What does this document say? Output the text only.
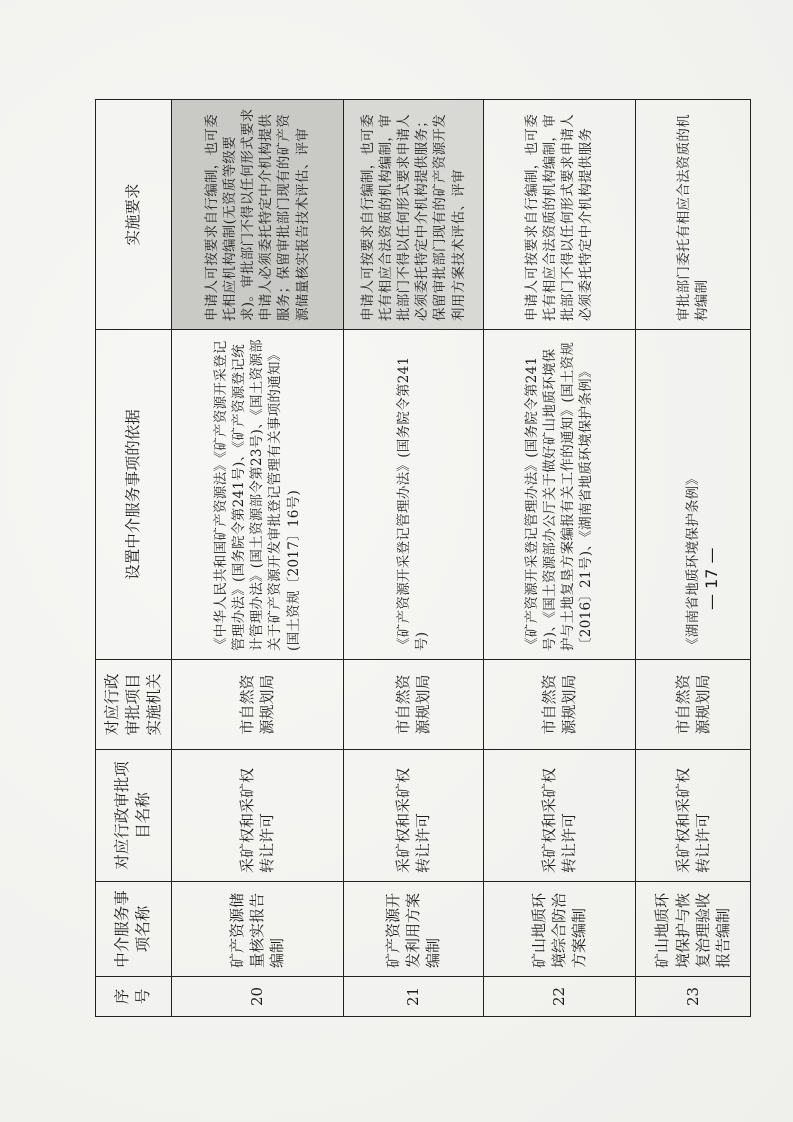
序号	中介服务事项名称	对应行政审批项目名称	对应行政审批项目实施机关	设置中介服务事项的依据	实施要求
20	矿产资源储量核实报告编制	采矿权和采矿权转让许可	市自然资源规划局	《中华人民共和国矿产资源法》《矿产资源开采登记管理办法》(国务院令第241号)、《矿产资源登记统计管理办法》(国土资源部令第23号)、《国土资源部关于矿产资源开发审批登记管理有关事项的通知》(国土资规〔2017〕16号)	申请人可按要求自行编制，也可委托相应机构编制(无资质等级要求)。审批部门不得以任何形式要求申请人必须委托特定中介机构提供服务；保留审批部门现有的矿产资源储量核实报告技术评估、评审
21	矿产资源开发利用方案编制	采矿权和采矿权转让许可	市自然资源规划局	《矿产资源开采登记管理办法》(国务院令第241号)	申请人可按要求自行编制，也可委托有相应合法资质的机构编制，审批部门不得以任何形式要求申请人必须委托特定中介机构提供服务；保留审批部门现有的矿产资源开发利用方案技术评估、评审
22	矿山地质环境综合防治方案编制	采矿权和采矿权转让许可	市自然资源规划局	《矿产资源开采登记管理办法》(国务院令第241号)、《国土资源部办公厅关于做好矿山地质环境保护与土地复垦方案编报有关工作的通知》(国土资规〔2016〕21号)、《湖南省地质环境保护条例》	申请人可按要求自行编制，也可委托有相应合法资质的机构编制，审批部门不得以任何形式要求申请人必须委托特定中介机构提供服务
23	矿山地质环境保护与恢复治理验收报告编制	采矿权和采矿权转让许可	市自然资源规划局	《湖南省地质环境保护条例》	审批部门委托有相应合法资质的机构编制
— 17 —
